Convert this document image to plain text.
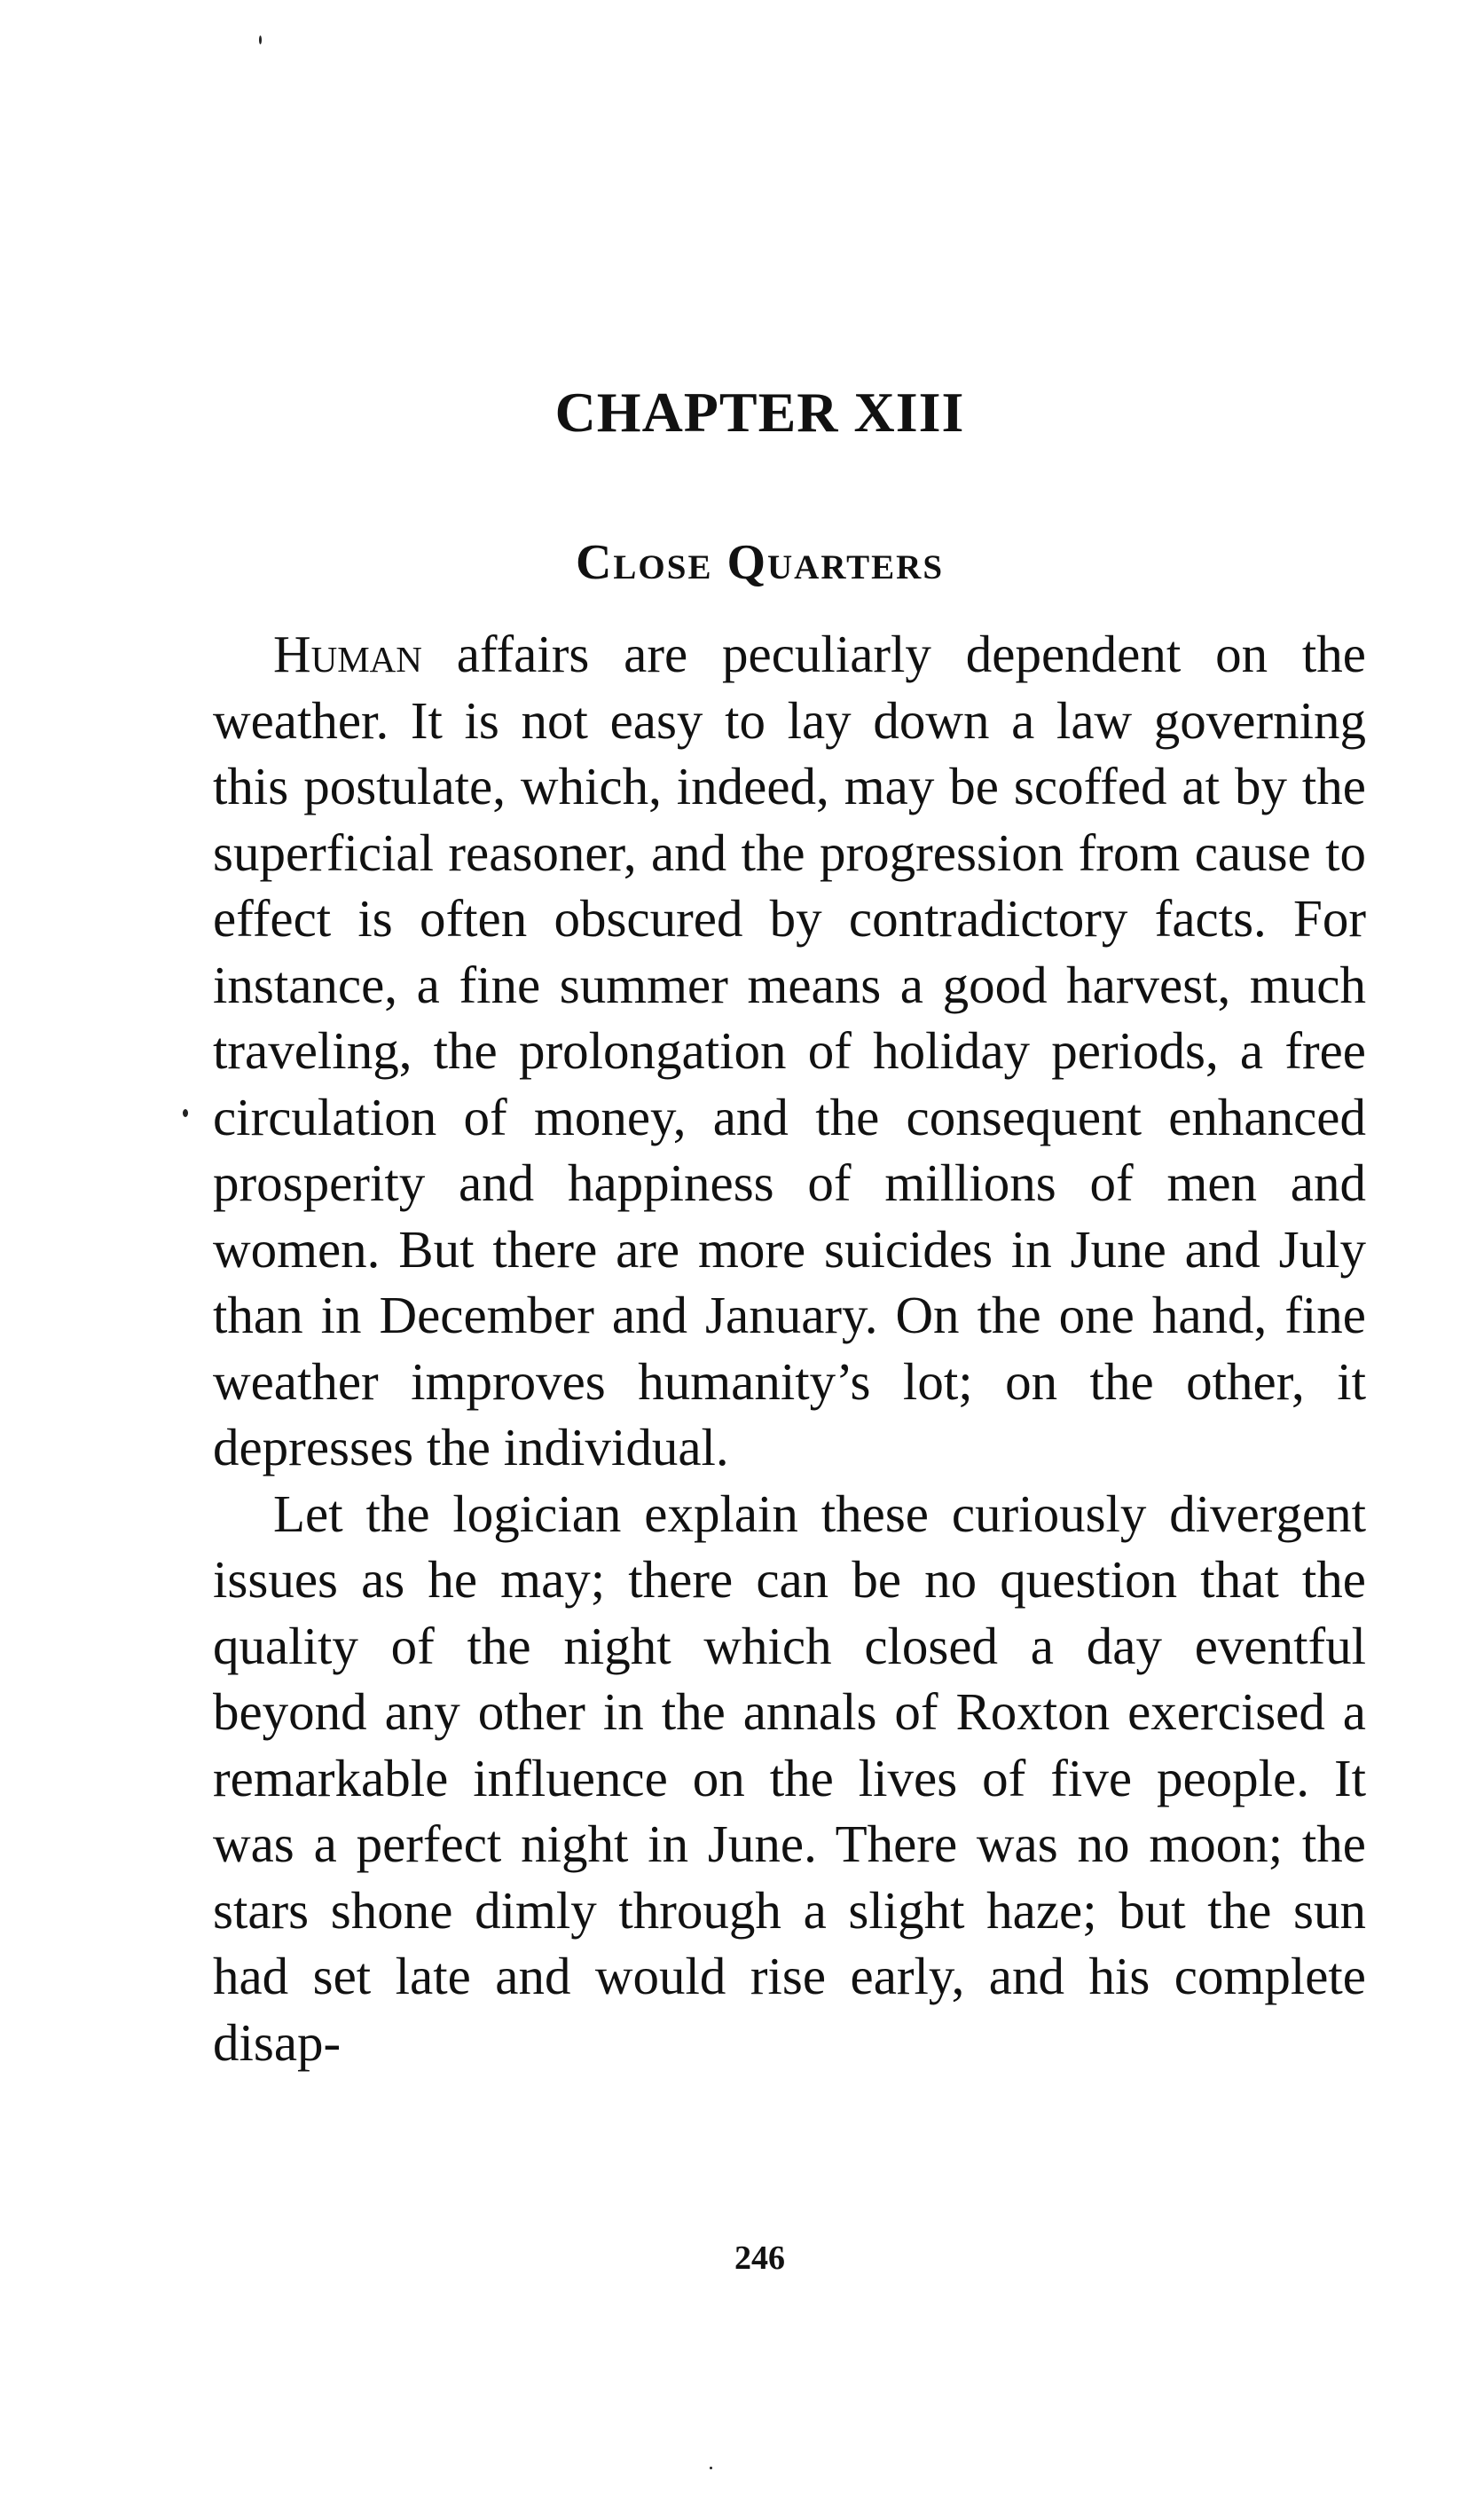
CHAPTER XIII
Close Quarters

Human affairs are peculiarly dependent on the weather. It is not easy to lay down a law governing this postulate, which, indeed, may be scoffed at by the superficial reasoner, and the progression from cause to effect is often obscured by contradictory facts. For instance, a fine summer means a good harvest, much traveling, the prolongation of holiday periods, a free circulation of money, and the consequent enhanced prosperity and happiness of millions of men and women. But there are more suicides in June and July than in December and January. On the one hand, fine weather improves humanity’s lot; on the other, it depresses the individual.

Let the logician explain these curiously divergent issues as he may; there can be no question that the quality of the night which closed a day eventful beyond any other in the annals of Roxton exercised a remarkable influence on the lives of five people. It was a perfect night in June. There was no moon; the stars shone dimly through a slight haze; but the sun had set late and would rise early, and his complete disap-

246
